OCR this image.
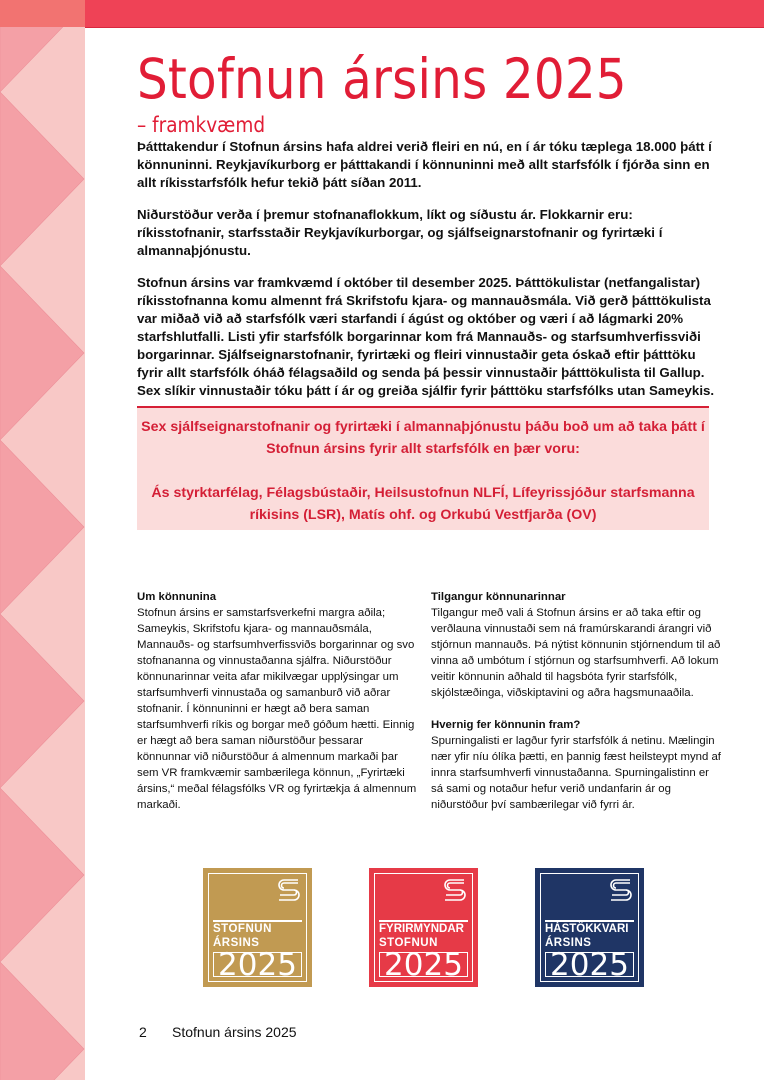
Stofnun ársins 2025
– framkvæmd

Þátttakendur í Stofnun ársins hafa aldrei verið fleiri en nú, en í ár tóku tæplega 18.000 þátt í könnuninni. Reykjavíkurborg er þátttakandi í könnuninni með allt starfsfólk í fjórða sinn en allt ríkisstarfsfólk hefur tekið þátt síðan 2011.

Niðurstöður verða í þremur stofnanaflokkum, líkt og síðustu ár. Flokkarnir eru: ríkisstofnanir, starfsstaðir Reykjavíkurborgar, og sjálfseignarstofnanir og fyrirtæki í almannaþjónustu.

Stofnun ársins var framkvæmd í október til desember 2025. Þátttökulistar (netfangalistar) ríkisstofnanna komu almennt frá Skrifstofu kjara- og mannauðsmála. Við gerð þátttökulista var miðað við að starfsfólk væri starfandi í ágúst og október og væri í að lágmarki 20% starfshlutfalli. Listi yfir starfsfólk borgarinnar kom frá Mannauðs- og starfsumhverfissviði borgarinnar. Sjálfseignarstofnanir, fyrirtæki og fleiri vinnustaðir geta óskað eftir þátttöku fyrir allt starfsfólk óháð félagsaðild og senda þá þessir vinnustaðir þátttökulista til Gallup. Sex slíkir vinnustaðir tóku þátt í ár og greiða sjálfir fyrir þátttöku starfsfólks utan Sameykis.

Sex sjálfseignarstofnanir og fyrirtæki í almannaþjónustu þáðu boð um að taka þátt í Stofnun ársins fyrir allt starfsfólk en þær voru:

Ás styrktarfélag, Félagsbústaðir, Heilsustofnun NLFÍ, Lífeyrissjóður starfsmanna ríkisins (LSR), Matís ohf. og Orkubú Vestfjarða (OV)

Um könnunina

Stofnun ársins er samstarfsverkefni margra aðila; Sameykis, Skrifstofu kjara- og mannauðsmála, Mannauðs- og starfsumhverfissviðs borgarinnar og svo stofnananna og vinnustaðanna sjálfra. Niðurstöður könnunarinnar veita afar mikilvægar upplýsingar um starfsumhverfi vinnustaða og samanburð við aðrar stofnanir. Í könnuninni er hægt að bera saman starfsumhverfi ríkis og borgar með góðum hætti. Einnig er hægt að bera saman niðurstöður þessarar könnunnar við niðurstöður á almennum markaði þar sem VR framkvæmir sambærilega könnun, „Fyrirtæki ársins,“ meðal félagsfólks VR og fyrirtækja á almennum markaði.

Tilgangur könnunarinnar

Tilgangur með vali á Stofnun ársins er að taka eftir og verðlauna vinnustaði sem ná framúrskarandi árangri við stjórnun mannauðs. Þá nýtist könnunin stjórnendum til að vinna að umbótum í stjórnun og starfsumhverfi. Að lokum veitir könnunin aðhald til hagsbóta fyrir starfsfólk, skjólstæðinga, viðskiptavini og aðra hagsmunaaðila.

Hvernig fer könnunin fram?

Spurningalisti er lagður fyrir starfsfólk á netinu. Mælingin nær yfir níu ólíka þætti, en þannig fæst heilsteypt mynd af innra starfsumhverfi vinnustaðanna. Spurningalistinn er sá sami og notaður hefur verið undanfarin ár og niðurstöður því sambærilegar við fyrri ár.

STOFNUN
ÁRSINS
2025
FYRIRMYNDAR
STOFNUN
2025
HÁSTÖKKVARI
ÁRSINS
2025
2 Stofnun ársins 2025
